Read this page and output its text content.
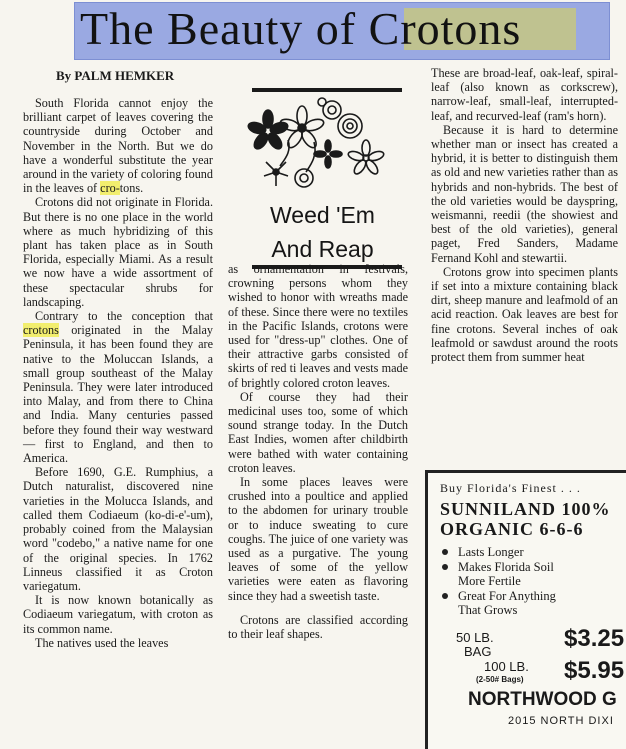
The Beauty of Crotons
By PALM HEMKER

South Florida cannot enjoy the brilliant carpet of leaves covering the countryside during October and November in the North. But we do have a wonderful substitute the year around in the variety of coloring found in the leaves of cro-tons.

Crotons did not originate in Florida. But there is no one place in the world where as much hybridizing of this plant has taken place as in South Florida, especially Miami. As a result we now have a wide assortment of these spectacular shrubs for landscaping.

Contrary to the conception that crotons originated in the Malay Peninsula, it has been found they are native to the Moluccan Islands, a small group southeast of the Malay Peninsula. They were later introduced into Malay, and from there to China and India. Many centuries passed before they found their way westward — first to England, and then to America.

Before 1690, G.E. Rumphius, a Dutch naturalist, discovered nine varieties in the Molucca Islands, and called them Codiaeum (ko-di-e'-um), probably coined from the Malaysian word "codebo," a native name for one of the original species. In 1762 Linneus classified it as Croton variegatum.

It is now known botanically as Codiaeum variegatum, with croton as its common name.

The natives used the leaves

Weed 'Em
And Reap

as ornamentation in festivals, crowning persons whom they wished to honor with wreaths made of these. Since there were no textiles in the Pacific Islands, crotons were used for "dress-up" clothes. One of their attractive garbs consisted of skirts of red ti leaves and vests made of brightly colored croton leaves.

Of course they had their medicinal uses too, some of which sound strange today. In the Dutch East Indies, women after childbirth were bathed with water containing croton leaves.

In some places leaves were crushed into a poultice and applied to the abdomen for urinary trouble or to induce sweating to cure coughs. The juice of one variety was used as a purgative. The young leaves of some of the yellow varieties were eaten as flavoring since they had a sweetish taste.

Crotons are classified according to their leaf shapes.

These are broad-leaf, oak-leaf, spiral-leaf (also known as corkscrew), narrow-leaf, small-leaf, interrupted-leaf, and recurved-leaf (ram's horn).

Because it is hard to determine whether man or insect has created a hybrid, it is better to distinguish them as old and new varieties rather than as hybrids and non-hybrids. The best of the old varieties would be dayspring, weismanni, reedii (the showiest and best of the old varieties), general paget, Fred Sanders, Madame Fernand Kohl and stewartii.

Crotons grow into specimen plants if set into a mixture containing black dirt, sheep manure and leafmold of an acid reaction. Oak leaves are best for fine crotons. Several inches of oak leafmold or sawdust around the roots protect them from summer heat

Buy Florida's Finest . . .
SUNNILAND 100%
ORGANIC 6-6-6
Lasts Longer
Makes Florida Soil
More Fertile
Great For Anything
That Grows
50 LB.
BAG	$3.25
100 LB.
(2-50# Bags) $5.95
NORTHWOOD G
2015 NORTH DIXI
